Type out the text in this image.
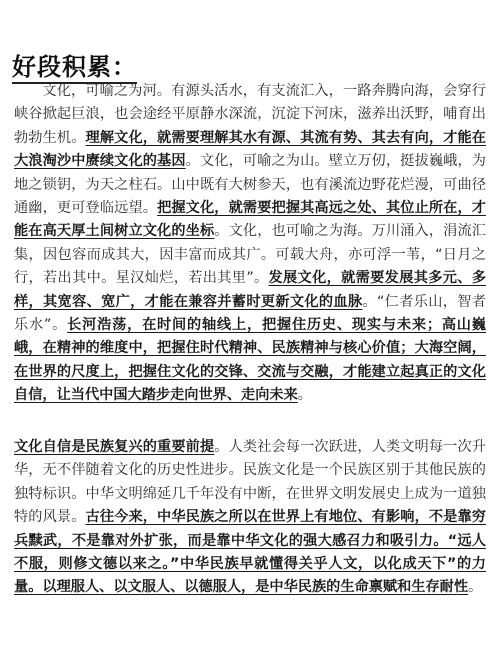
好段积累：

文化，可喻之为河。有源头活水，有支流汇入，一路奔腾向海，会穿行峡谷掀起巨浪，也会途经平原静水深流，沉淀下河床，滋养出沃野，哺育出勃勃生机。理解文化，就需要理解其水有源、其流有势、其去有向，才能在大浪淘沙中赓续文化的基因。文化，可喻之为山。壁立万仞，挺拔巍峨，为地之锁钥，为天之柱石。山中既有大树参天，也有溪流边野花烂漫，可曲径通幽，更可登临远望。把握文化，就需要把握其高远之处、其位止所在，才能在高天厚土间树立文化的坐标。文化，也可喻之为海。万川涌入，涓流汇集，因包容而成其大，因丰富而成其广。可载大舟，亦可浮一苇，“日月之行，若出其中。星汉灿烂，若出其里”。发展文化，就需要发展其多元、多样，其宽容、宽广，才能在兼容并蓄时更新文化的血脉。“仁者乐山，智者乐水”。长河浩荡，在时间的轴线上，把握住历史、现实与未来；高山巍峨，在精神的维度中，把握住时代精神、民族精神与核心价值；大海空阔，在世界的尺度上，把握住文化的交锋、交流与交融，才能建立起真正的文化自信，让当代中国大踏步走向世界、走向未来。

文化自信是民族复兴的重要前提。人类社会每一次跃进，人类文明每一次升华，无不伴随着文化的历史性进步。民族文化是一个民族区别于其他民族的独特标识。中华文明绵延几千年没有中断，在世界文明发展史上成为一道独特的风景。古往今来，中华民族之所以在世界上有地位、有影响，不是靠穷兵黩武，不是靠对外扩张，而是靠中华文化的强大感召力和吸引力。“远人不服，则修文德以来之。”中华民族早就懂得关乎人文，以化成天下”的力量。以理服人、以文服人、以德服人，是中华民族的生命禀赋和生存耐性。
